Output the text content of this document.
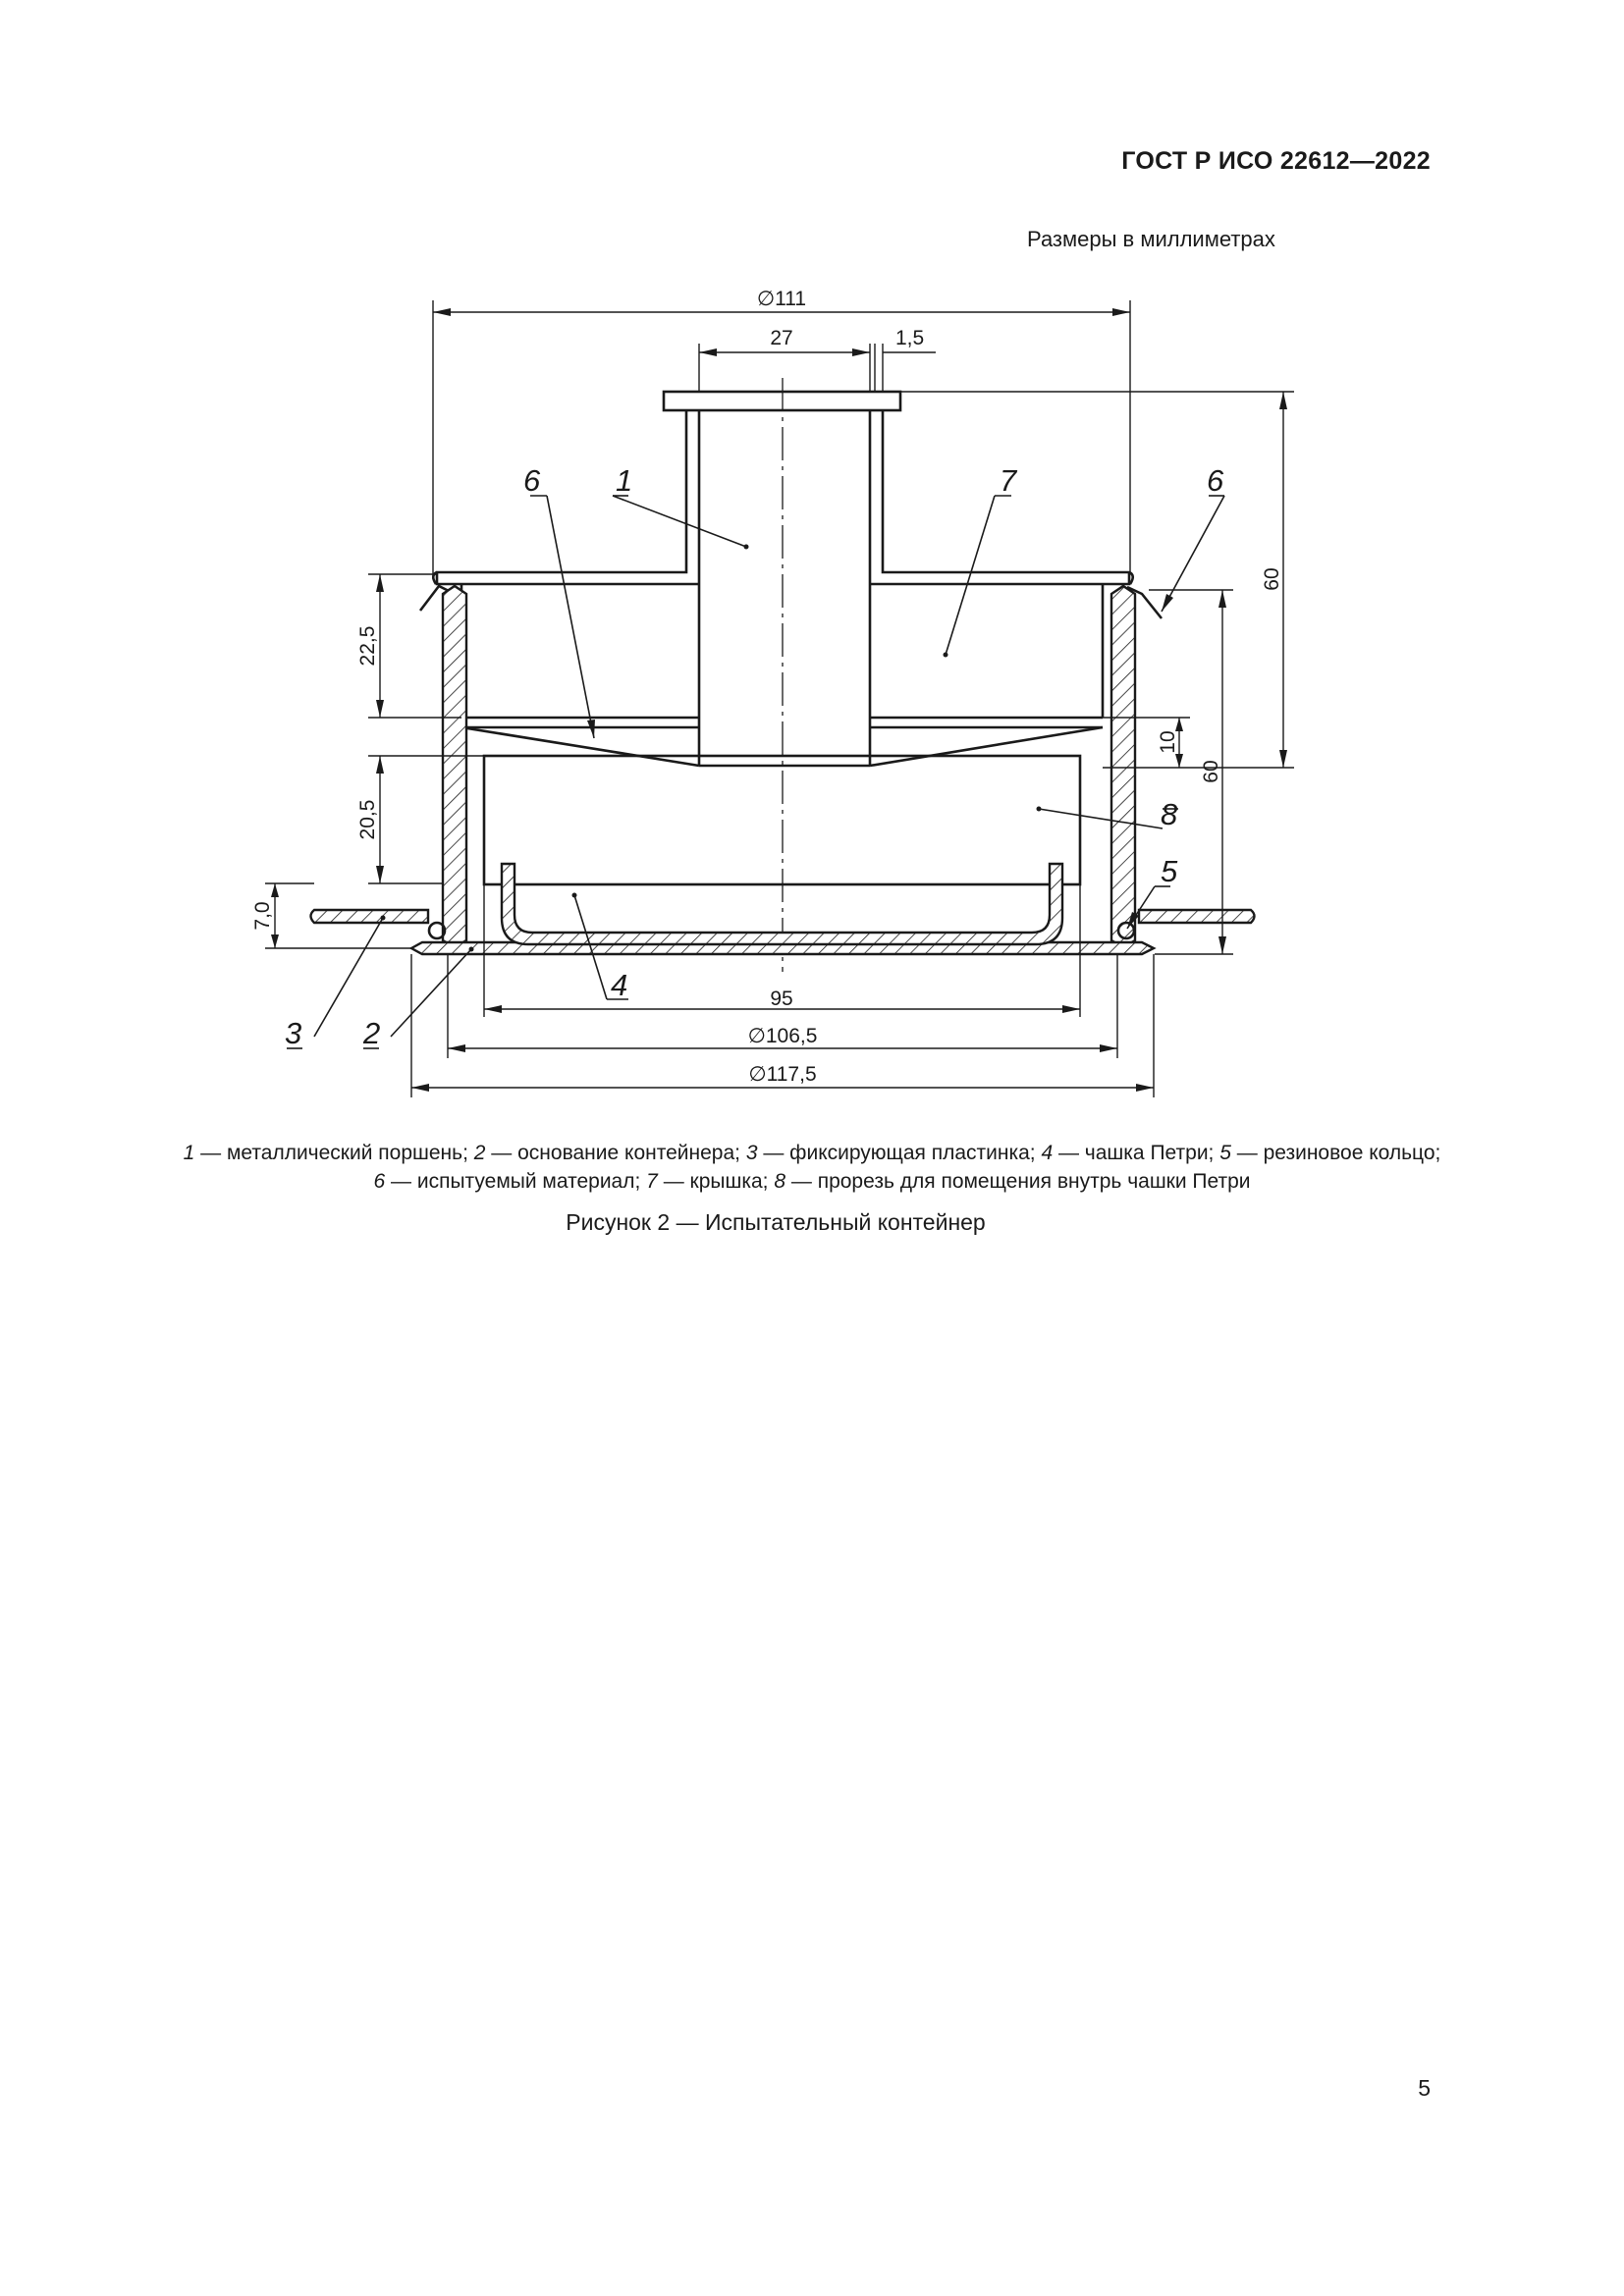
ГОСТ Р ИСО 22612—2022
Размеры в миллиметрах
∅111
27	1,5
60
60
10
22,5
20,5
7,0
95
∅106,5
∅117,5
1
6	7	6
8
5
4
3 2
1 — металлический поршень; 2 — основание контейнера; 3 — фиксирующая пластинка; 4 — чашка Петри; 5 — резиновое кольцо;
6 — испытуемый материал; 7 — крышка; 8 — прорезь для помещения внутрь чашки Петри
Рисунок 2 — Испытательный контейнер
5
